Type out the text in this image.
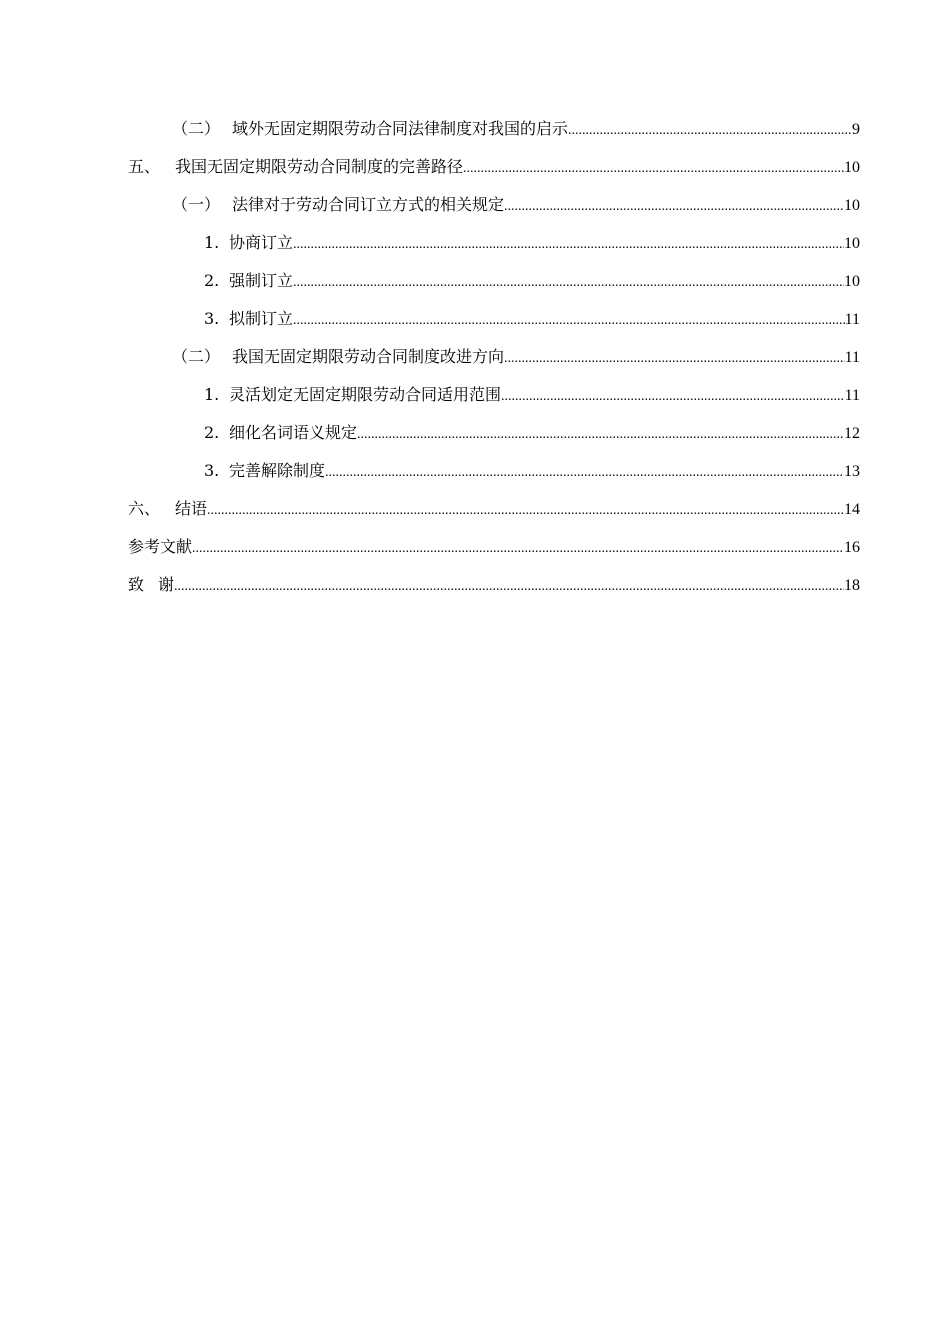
（二） 域外无固定期限劳动合同法律制度对我国的启示 .....	9
五、 我国无固定期限劳动合同制度的完善路径 .....	10
（一） 法律对于劳动合同订立方式的相关规定 .....	10
1. 协商订立 .....	10
2. 强制订立 .....	10
3. 拟制订立 .....	11
（二） 我国无固定期限劳动合同制度改进方向 .....	11
1. 灵活划定无固定期限劳动合同适用范围 .....	11
2. 细化名词语义规定 .....	12
3. 完善解除制度 .....	13
六、 结语 .....	14
参考文献 .....	16
致谢 .....	18
